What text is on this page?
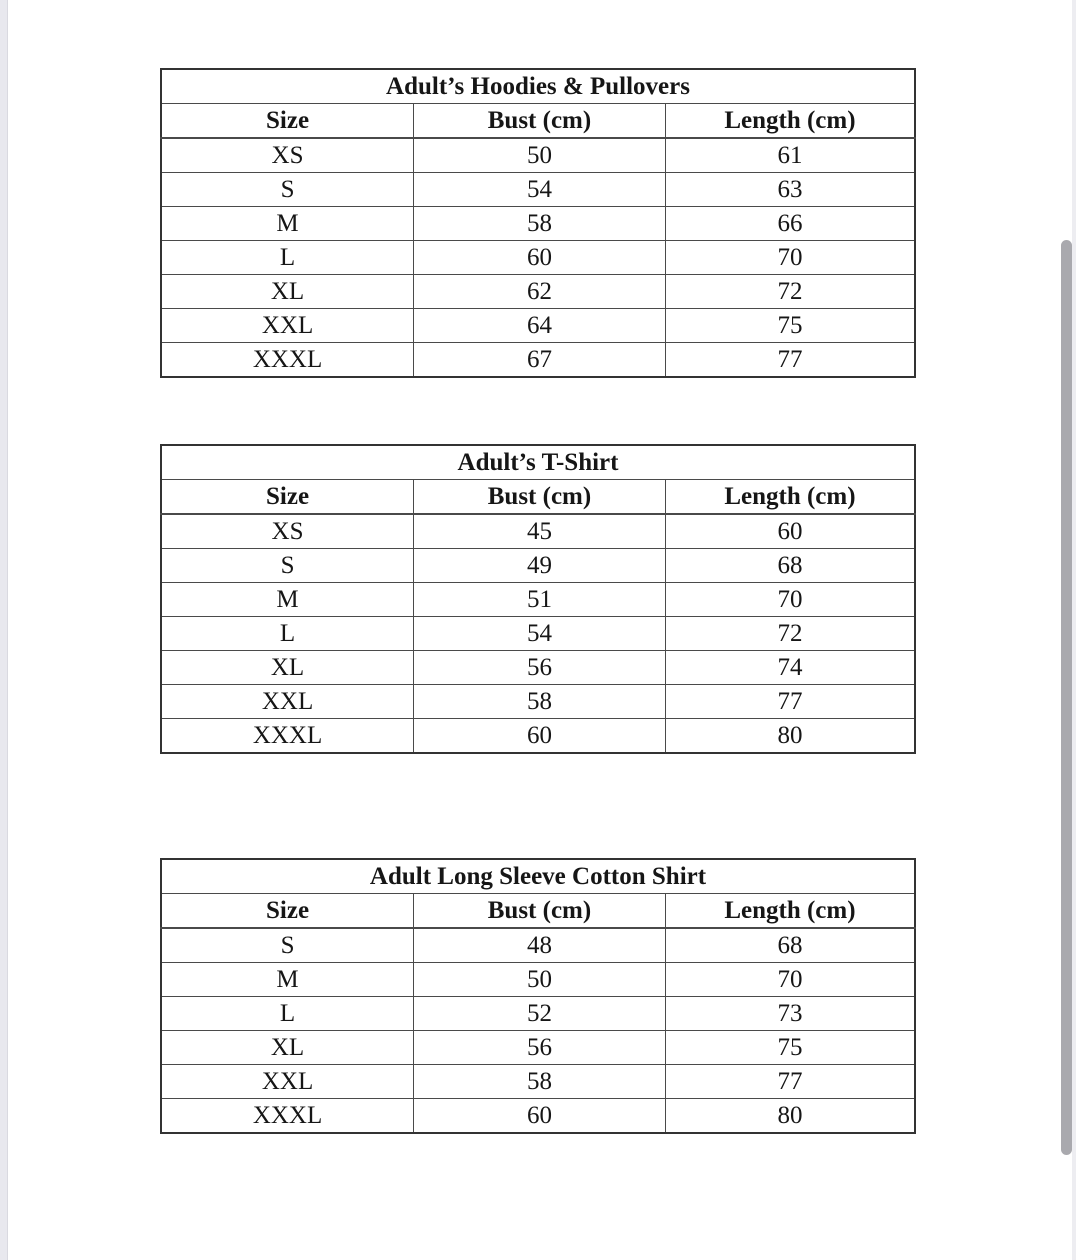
Adult’s Hoodies & Pullovers		
Size	Bust (cm)	Length (cm)
XS	50	61
S	54	63
M	58	66
L	60	70
XL	62	72
XXL	64	75
XXXL	67	77
Adult’s T-Shirt		
Size	Bust (cm)	Length (cm)
XS	45	60
S	49	68
M	51	70
L	54	72
XL	56	74
XXL	58	77
XXXL	60	80
Adult Long Sleeve Cotton Shirt		
Size	Bust (cm)	Length (cm)
S	48	68
M	50	70
L	52	73
XL	56	75
XXL	58	77
XXXL	60	80
